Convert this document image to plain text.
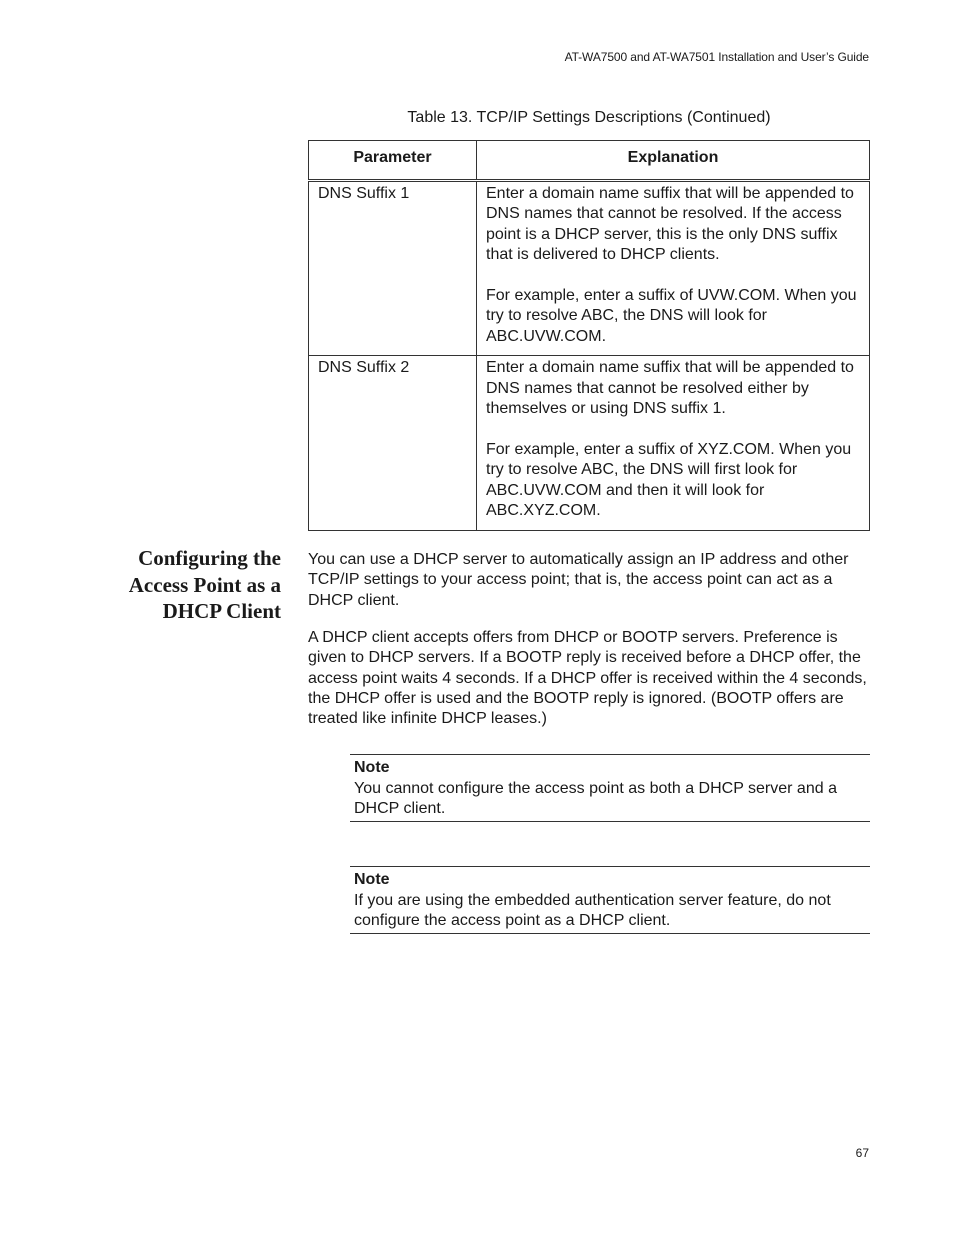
AT-WA7500 and AT-WA7501 Installation and User’s Guide
Table 13. TCP/IP Settings Descriptions (Continued)
Parameter	Explanation
DNS Suffix 1	Enter a domain name suffix that will be appended to DNS names that cannot be resolved. If the access point is a DHCP server, this is the only DNS suffix that is delivered to DHCP clients.

For example, enter a suffix of UVW.COM. When you try to resolve ABC, the DNS will look for ABC.UVW.COM.

DNS Suffix 2	Enter a domain name suffix that will be appended to DNS names that cannot be resolved either by themselves or using DNS suffix 1.

For example, enter a suffix of XYZ.COM. When you try to resolve ABC, the DNS will first look for ABC.UVW.COM and then it will look for ABC.XYZ.COM.

Configuring the
Access Point as a
DHCP Client

You can use a DHCP server to automatically assign an IP address and other TCP/IP settings to your access point; that is, the access point can act as a DHCP client.

A DHCP client accepts offers from DHCP or BOOTP servers. Preference is given to DHCP servers. If a BOOTP reply is received before a DHCP offer, the access point waits 4 seconds. If a DHCP offer is received within the 4 seconds, the DHCP offer is used and the BOOTP reply is ignored. (BOOTP offers are treated like infinite DHCP leases.)

Note
You cannot configure the access point as both a DHCP server and a DHCP client.
Note
If you are using the embedded authentication server feature, do not configure the access point as a DHCP client.
67
